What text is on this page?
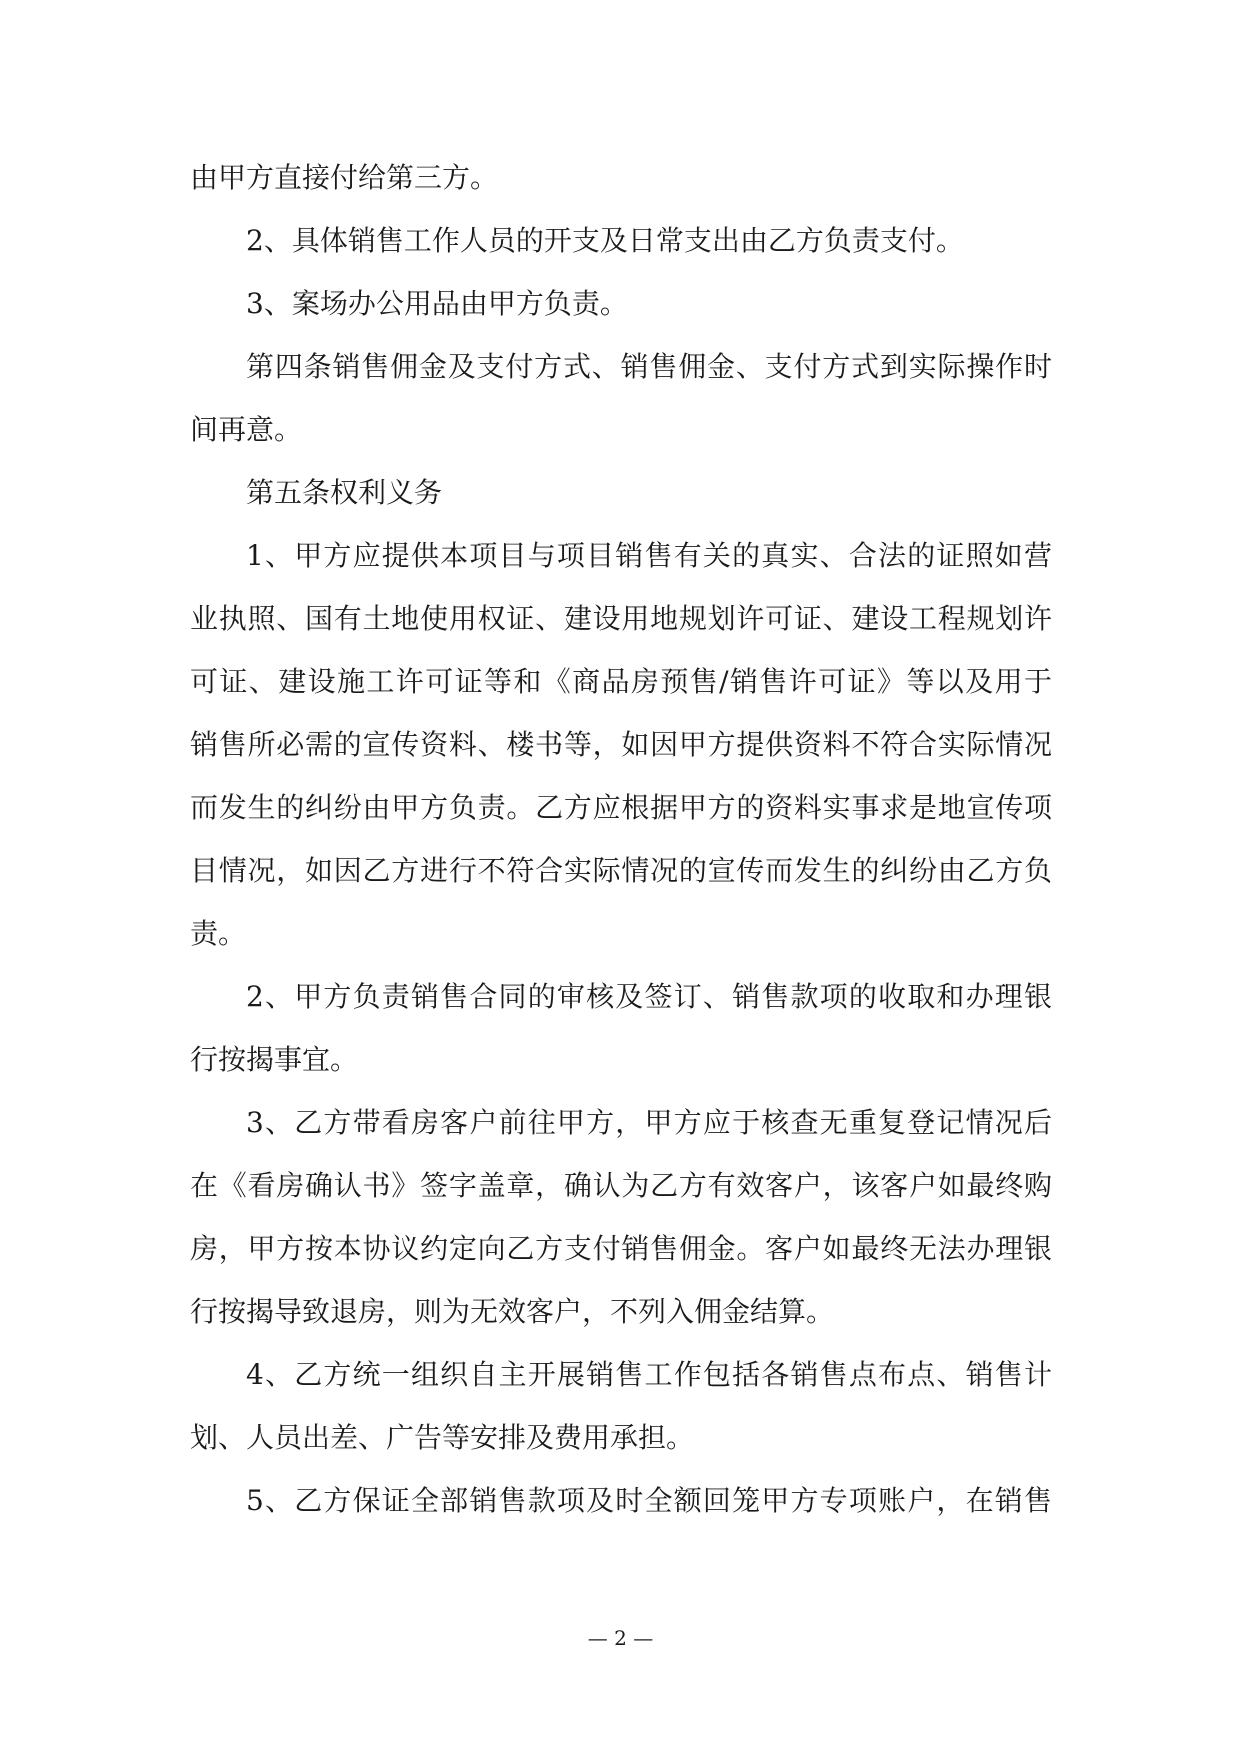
由甲方直接付给第三方。
2、具体销售工作人员的开支及日常支出由乙方负责支付。
3、案场办公用品由甲方负责。
第四条销售佣金及支付方式、销售佣金、支付方式到实际操作时
间再意。
第五条权利义务
1、甲方应提供本项目与项目销售有关的真实、合法的证照如营
业执照、国有土地使用权证、建设用地规划许可证、建设工程规划许
可证、建设施工许可证等和《商品房预售/销售许可证》等以及用于
销售所必需的宣传资料、楼书等，如因甲方提供资料不符合实际情况
而发生的纠纷由甲方负责。乙方应根据甲方的资料实事求是地宣传项
目情况，如因乙方进行不符合实际情况的宣传而发生的纠纷由乙方负
责。
2、甲方负责销售合同的审核及签订、销售款项的收取和办理银
行按揭事宜。
3、乙方带看房客户前往甲方，甲方应于核查无重复登记情况后
在《看房确认书》签字盖章，确认为乙方有效客户，该客户如最终购
房，甲方按本协议约定向乙方支付销售佣金。客户如最终无法办理银
行按揭导致退房，则为无效客户，不列入佣金结算。
4、乙方统一组织自主开展销售工作包括各销售点布点、销售计
划、人员出差、广告等安排及费用承担。
5、乙方保证全部销售款项及时全额回笼甲方专项账户，在销售
— 2 —
